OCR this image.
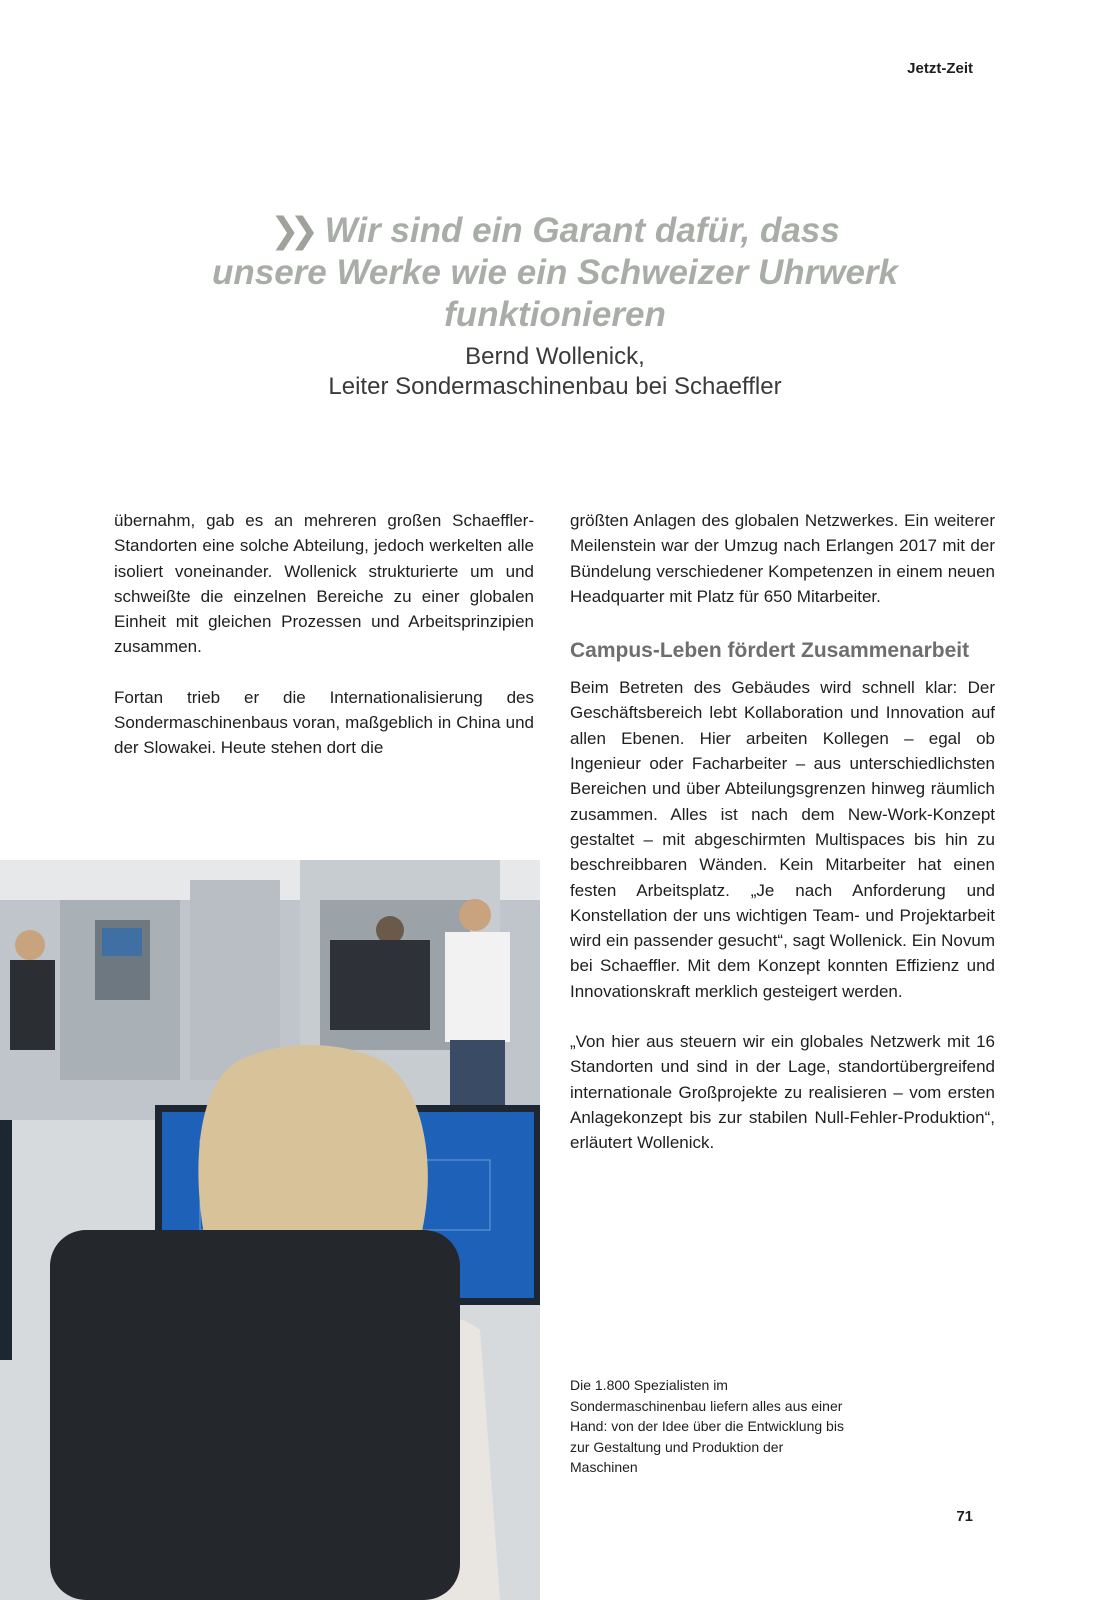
Jetzt-Zeit

❯❯ Wir sind ein Garant dafür, dass unsere Werke wie ein Schweizer Uhrwerk funktionieren

Bernd Wollenick,
Leiter Sondermaschinenbau bei Schaeffler

übernahm, gab es an mehreren großen Schaeffler-Standorten eine solche Abteilung, jedoch werkelten alle isoliert voneinander. Wollenick strukturierte um und schweißte die einzelnen Bereiche zu einer globalen Einheit mit gleichen Prozessen und Arbeitsprinzipien zusammen.

Fortan trieb er die Internationalisierung des Sondermaschinenbaus voran, maßgeblich in China und der Slowakei. Heute stehen dort die

größten Anlagen des globalen Netzwerkes. Ein weiterer Meilenstein war der Umzug nach Erlangen 2017 mit der Bündelung verschiedener Kompetenzen in einem neuen Headquarter mit Platz für 650 Mitarbeiter.

Campus-Leben fördert Zusammenarbeit

Beim Betreten des Gebäudes wird schnell klar: Der Geschäftsbereich lebt Kollaboration und Innovation auf allen Ebenen. Hier arbeiten Kollegen – egal ob Ingenieur oder Facharbeiter – aus unterschiedlichsten Bereichen und über Abteilungsgrenzen hinweg räumlich zusammen. Alles ist nach dem New-Work-Konzept gestaltet – mit abgeschirmten Multispaces bis hin zu beschreibbaren Wänden. Kein Mitarbeiter hat einen festen Arbeitsplatz. „Je nach Anforderung und Konstellation der uns wichtigen Team- und Projektarbeit wird ein passender gesucht“, sagt Wollenick. Ein Novum bei Schaeffler. Mit dem Konzept konnten Effizienz und Innovationskraft merklich gesteigert werden.

„Von hier aus steuern wir ein globales Netzwerk mit 16 Standorten und sind in der Lage, standortübergreifend internationale Großprojekte zu realisieren – vom ersten Anlagekonzept bis zur stabilen Null-Fehler-Produktion“, erläutert Wollenick.

Die 1.800 Spezialisten im Sondermaschinenbau liefern alles aus einer Hand: von der Idee über die Entwicklung bis zur Gestaltung und Produktion der Maschinen
71
